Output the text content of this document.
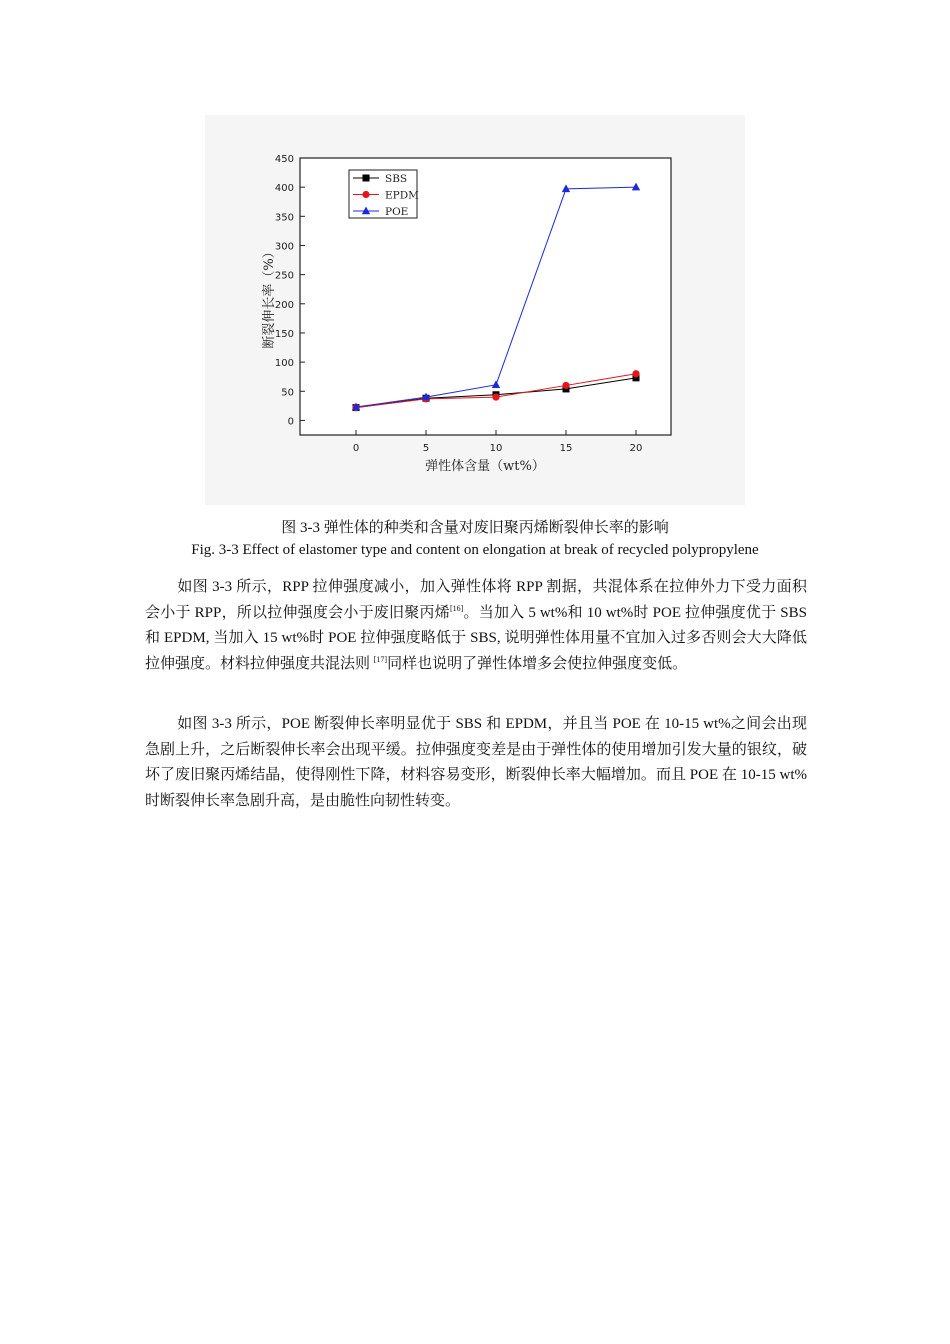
0
50
100
150
200
250
300
350
400
450
0	5	10	15	20
SBS
EPDM
POE
弹性体含量（wt%）
断裂伸长率（%）
图 3-3 弹性体的种类和含量对废旧聚丙烯断裂伸长率的影响
Fig. 3-3 Effect of elastomer type and content on elongation at break of recycled polypropylene

如图 3-3 所示，RPP 拉伸强度减小，加入弹性体将 RPP 割据，共混体系在拉伸外力下受力面积会小于 RPP，所以拉伸强度会小于废旧聚丙烯[16]。当加入 5 wt%和 10 wt%时 POE 拉伸强度优于 SBS 和 EPDM, 当加入 15 wt%时 POE 拉伸强度略低于 SBS, 说明弹性体用量不宜加入过多否则会大大降低拉伸强度。材料拉伸强度共混法则 [17]同样也说明了弹性体增多会使拉伸强度变低。

如图 3-3 所示，POE 断裂伸长率明显优于 SBS 和 EPDM，并且当 POE 在 10-15 wt%之间会出现急剧上升，之后断裂伸长率会出现平缓。拉伸强度变差是由于弹性体的使用增加引发大量的银纹，破坏了废旧聚丙烯结晶，使得刚性下降，材料容易变形，断裂伸长率大幅增加。而且 POE 在 10-15 wt%时断裂伸长率急剧升高，是由脆性向韧性转变。
